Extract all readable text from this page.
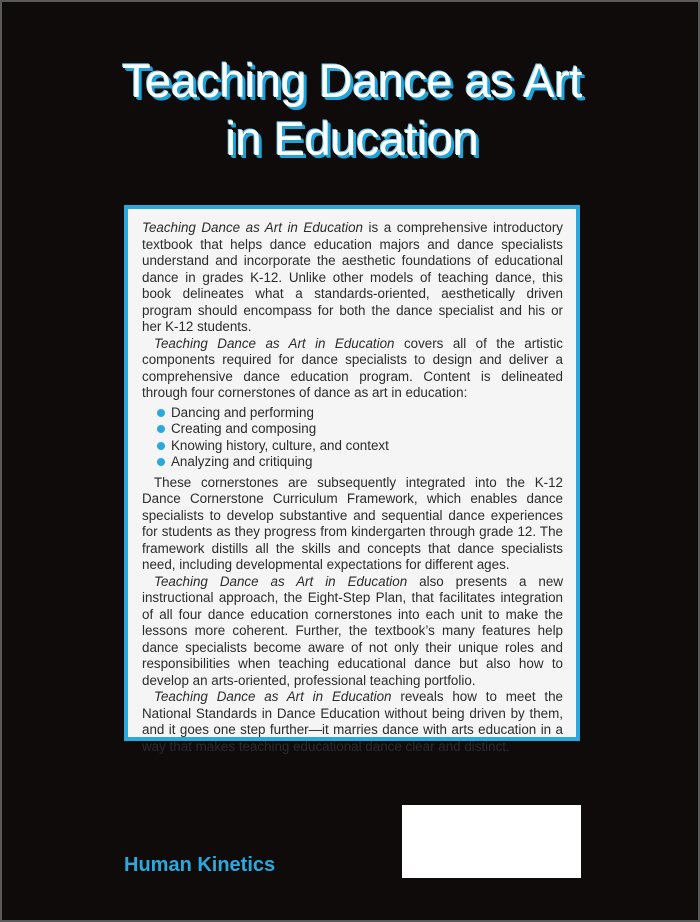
Teaching Dance as Art
in Education

Teaching Dance as Art in Education is a comprehensive introductory textbook that helps dance education majors and dance specialists understand and incorporate the aesthetic foundations of educational dance in grades K-12. Unlike other models of teaching dance, this book delineates what a standards-oriented, aesthetically driven program should encompass for both the dance specialist and his or her K-12 students.

Teaching Dance as Art in Education covers all of the artistic components required for dance specialists to design and deliver a comprehensive dance education program. Content is delineated through four cornerstones of dance as art in education:

Dancing and performing
Creating and composing
Knowing history, culture, and context
Analyzing and critiquing

These cornerstones are subsequently integrated into the K-12 Dance Cornerstone Curriculum Framework, which enables dance specialists to develop substantive and sequential dance experiences for students as they progress from kindergarten through grade 12. The framework distills all the skills and concepts that dance specialists need, including developmental expectations for different ages.

Teaching Dance as Art in Education also presents a new instructional approach, the Eight-Step Plan, that facilitates integration of all four dance education cornerstones into each unit to make the lessons more coherent. Further, the textbook’s many features help dance specialists become aware of not only their unique roles and responsibilities when teaching educational dance but also how to develop an arts-oriented, professional teaching portfolio.

Teaching Dance as Art in Education reveals how to meet the National Standards in Dance Education without being driven by them, and it goes one step further—it marries dance with arts education in a way that makes teaching educational dance clear and distinct.

Human Kinetics
